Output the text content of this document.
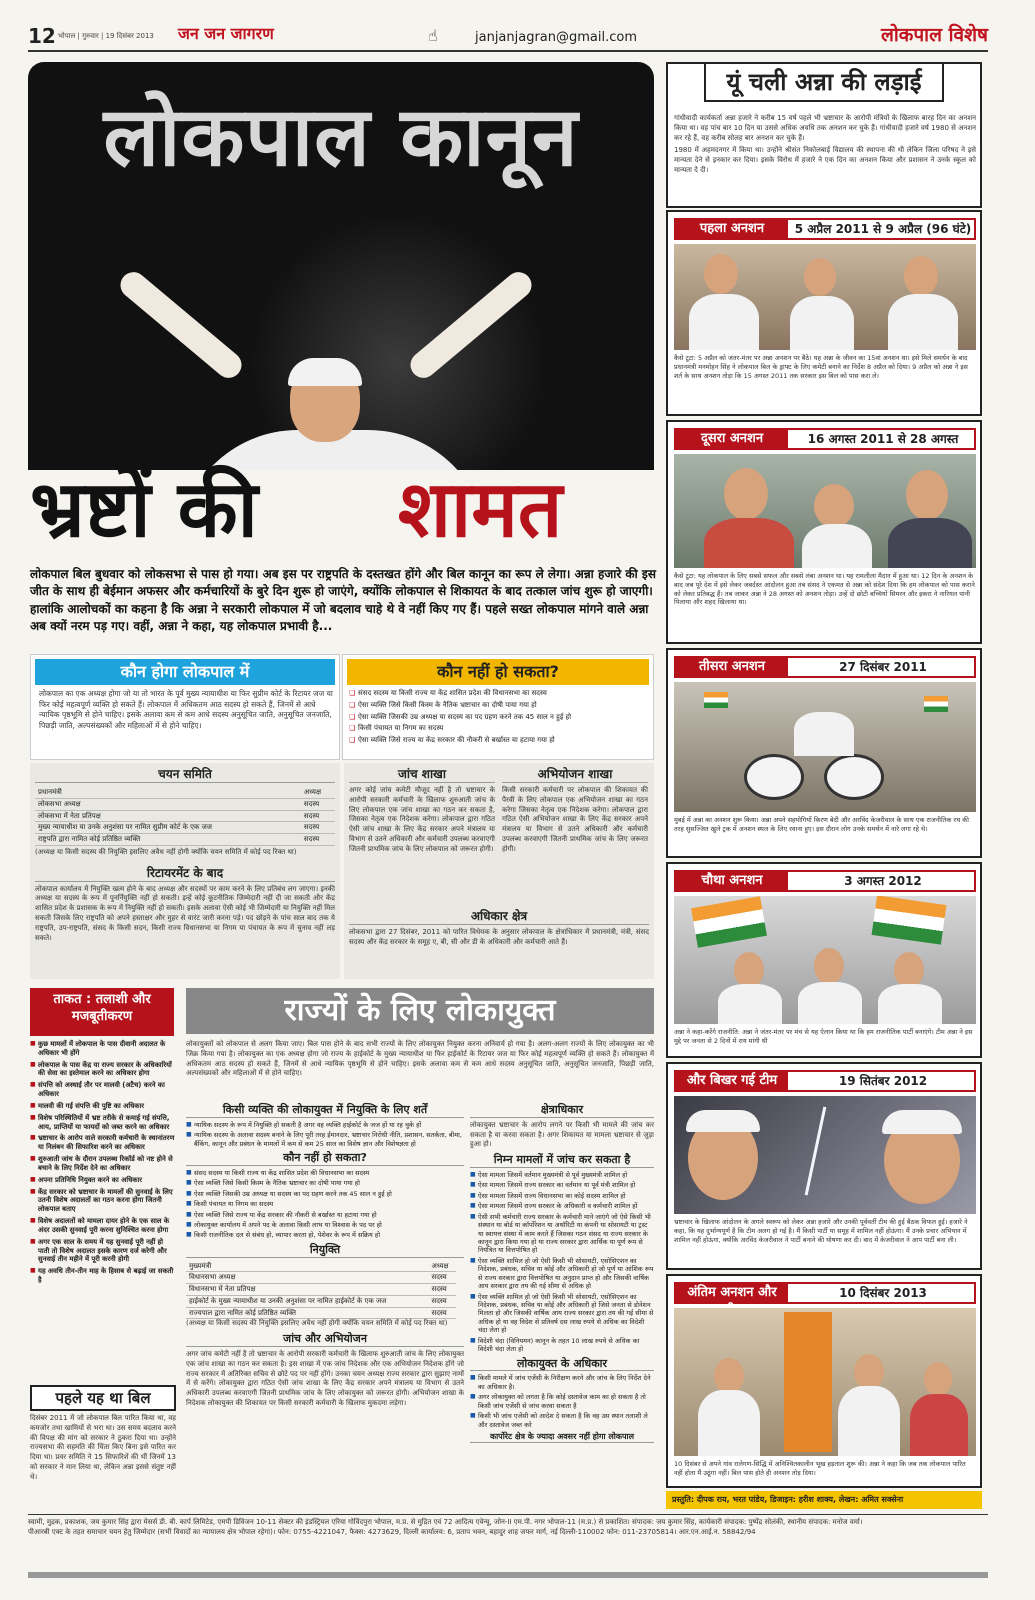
12 भोपाल | गुरुवार | 19 दिसंबर 2013 जन जन जागरण	☝	janjanjagran@gmail.com	लोकपाल विशेष
लोकपाल कानून
भ्रष्टों की शामत
लोकपाल बिल बुधवार को लोकसभा से पास हो गया। अब इस पर राष्ट्रपति के दस्तखत होंगे और बिल कानून का रूप ले लेगा। अन्ना हजारे की इस जीत के साथ ही बेईमान अफसर और कर्मचारियों के बुरे दिन शुरू हो जाएंगे, क्योंकि लोकपाल से शिकायत के बाद तत्काल जांच शुरू हो जाएगी। हालांकि आलोचकों का कहना है कि अन्ना ने सरकारी लोकपाल में जो बदलाव चाहे थे वे नहीं किए गए हैं। पहले सख्त लोकपाल मांगने वाले अन्ना अब क्यों नरम पड़ गए। वहीं, अन्ना ने कहा, यह लोकपाल प्रभावी है...
कौन होगा लोकपाल में
लोकपाल का एक अध्यक्ष होगा जो या तो भारत के पूर्व मुख्य न्यायाधीश या फिर सुप्रीम कोर्ट के रिटायर जज या फिर कोई महत्वपूर्ण व्यक्ति हो सकते हैं। लोकपाल में अधिकतम आठ सदस्य हो सकते हैं, जिनमें से आधे न्यायिक पृष्ठभूमि से होने चाहिए। इसके अलावा कम से कम आधे सदस्य अनुसूचित जाति, अनुसूचित जनजाति, पिछड़ी जाति, अल्पसंख्यकों और महिलाओं में से होने चाहिए।
कौन नहीं हो सकता?
❑ संसद सदस्य या किसी राज्य या केंद्र शासित प्रदेश की विधानसभा का सदस्य
❑ ऐसा व्यक्ति जिसे किसी किस्म के नैतिक भ्रष्टाचार का दोषी पाया गया हो
❑ ऐसा व्यक्ति जिसकी उम्र अध्यक्ष या सदस्य का पद ग्रहण करने तक 45 साल न हुई हो
❑ किसी पंचायत या निगम का सदस्य
❑ ऐसा व्यक्ति जिसे राज्य या केंद्र सरकार की नौकरी से बर्खास्त या हटाया गया हो
चयन समिति
प्रधानमंत्री	अध्यक्ष
लोकसभा अध्यक्ष	सदस्य
लोकसभा में नेता प्रतिपक्ष	सदस्य
मुख्य न्यायाधीश या उनके अनुशंसा पर नामित सुप्रीम कोर्ट के एक जज	सदस्य
राष्ट्रपति द्वारा नामित कोई प्रतिष्ठित व्यक्ति	सदस्य
(अध्यक्ष या किसी सदस्य की नियुक्ति इसलिए अवैध नहीं होगी क्योंकि चयन समिति में कोई पद रिक्त था)
रिटायरमेंट के बाद
लोकपाल कार्यालय में नियुक्ति खत्म होने के बाद अध्यक्ष और सदस्यों पर काम करने के लिए प्रतिबंध लग जाएगा। इनकी अध्यक्ष या सदस्य के रूप में पुनर्नियुक्ति नहीं हो सकती। इन्हें कोई कूटनीतिक जिम्मेदारी नहीं दी जा सकती और केंद्र शासित प्रदेश के प्रशासक के रूप में नियुक्ति नहीं हो सकती। इसके अलावा ऐसी कोई भी जिम्मेदारी या नियुक्ति नहीं मिल सकती जिसके लिए राष्ट्रपति को अपने हस्ताक्षर और मुहर से वारंट जारी करना पड़े। पद छोड़ने के पांच साल बाद तक ये राष्ट्रपति, उप-राष्ट्रपति, संसद के किसी सदन, किसी राज्य विधानसभा या निगम या पंचायत के रूप में चुनाव नहीं लड़ सकते।
जांच शाखा
अगर कोई जांच कमेटी मौजूद नहीं है तो भ्रष्टाचार के आरोपी सरकारी कर्मचारी के खिलाफ शुरुआती जांच के लिए लोकपाल एक जांच शाखा का गठन कर सकता है, जिसका नेतृत्व एक निदेशक करेगा। लोकपाल द्वारा गठित ऐसी जांच शाखा के लिए केंद्र सरकार अपने मंत्रालय या विभाग से उतने अधिकारी और कर्मचारी उपलब्ध करवाएगी जितनी प्राथमिक जांच के लिए लोकपाल को जरूरत होगी।
अभियोजन शाखा
किसी सरकारी कर्मचारी पर लोकपाल की शिकायत की पैरवी के लिए लोकपाल एक अभियोजन शाखा का गठन करेगा जिसका नेतृत्व एक निदेशक करेगा। लोकपाल द्वारा गठित ऐसी अभियोजन शाखा के लिए केंद्र सरकार अपने मंत्रालय या विभाग से उतने अधिकारी और कर्मचारी उपलब्ध करवाएगी जितनी प्राथमिक जांच के लिए जरूरत होगी।
अधिकार क्षेत्र
लोकसभा द्वारा 27 दिसंबर, 2011 को पारित विधेयक के अनुसार लोकपाल के क्षेत्राधिकार में प्रधानमंत्री, मंत्री, संसद सदस्य और केंद्र सरकार के समूह ए, बी, सी और डी के अधिकारी और कर्मचारी आते हैं।
ताकत : तलाशी और मजबूतीकरण
■ कुछ मामलों में लोकपाल के पास दीवानी अदालत के अधिकार भी होंगे
■ लोकपाल के पास केंद्र या राज्य सरकार के अधिकारियों की सेवा का इस्तेमाल करने का अधिकार होगा
■ संपत्ति को अस्थाई तौर पर मालवी (अटैच) करने का अधिकार
■ मालवी की गई संपत्ति की पुष्टि का अधिकार
■ विशेष परिस्थितियों में भ्रष्ट तरीके से कमाई गई संपत्ति, आय, प्राप्तियों या फायदों को जब्त करने का अधिकार
■ भ्रष्टाचार के आरोप वाले सरकारी कर्मचारी के स्थानांतरण या निलंबन की सिफारिश करने का अधिकार
■ शुरुआती जांच के दौरान उपलब्ध रिकॉर्ड को नष्ट होने से बचाने के लिए निर्देश देने का अधिकार
■ अपना प्रतिनिधि नियुक्त करने का अधिकार
■ केंद्र सरकार को भ्रष्टाचार के मामलों की सुनवाई के लिए उतनी विशेष अदालतों का गठन करना होगा जितनी लोकपाल बताए
■ विशेष अदालतों को मामला दायर होने के एक साल के अंदर उसकी सुनवाई पूरी करना सुनिश्चित करना होगा
■ अगर एक साल के समय में यह सुनवाई पूरी नहीं हो पाती तो विशेष अदालत इसके कारण दर्ज करेगी और सुनवाई तीन महीने में पूरी करनी होगी
■ यह अवधि तीन-तीन माह के हिसाब से बढ़ाई जा सकती है
पहले यह था बिल
दिसंबर 2011 में जो लोकपाल बिल पारित किया था, वह कमजोर तथा खामियों से भरा था। उस समय बदलाव करने की विपक्ष की मांग को सरकार ने ठुकरा दिया था। उन्होंने राज्यसभा की सहमति की चिंता किए बिना इसे पारित कर दिया था। प्रवर समिति ने 15 सिफारिशें की थीं जिनमें 13 को सरकार ने मान लिया था, लेकिन अन्ना इससे संतुष्ट नहीं थे।
राज्यों के लिए लोकायुक्त
लोकायुक्तों को लोकपाल से अलग किया जाए। बिल पास होने के बाद सभी राज्यों के लिए लोकायुक्त नियुक्त करना अनिवार्य हो गया है। अलग-अलग राज्यों के लिए लोकायुक्त का भी जिक्र किया गया है। लोकायुक्त का एक अध्यक्ष होगा जो राज्य के हाईकोर्ट के मुख्य न्यायाधीश या फिर हाईकोर्ट के रिटायर जज या फिर कोई महत्वपूर्ण व्यक्ति हो सकते हैं। लोकायुक्त में अधिकतम आठ सदस्य हो सकते हैं, जिनमें से आधे न्यायिक पृष्ठभूमि से होने चाहिए। इसके अलावा कम से कम आधे सदस्य अनुसूचित जाति, अनुसूचित जनजाति, पिछड़ी जाति, अल्पसंख्यकों और महिलाओं में से होने चाहिए।
किसी व्यक्ति की लोकायुक्त में नियुक्ति के लिए शर्तें
■ न्यायिक सदस्य के रूप में नियुक्ति हो सकती है अगर वह व्यक्ति हाईकोर्ट के जज हों या रह चुके हों
■ न्यायिक सदस्य के अलावा सदस्य बनाने के लिए पूरी तरह ईमानदार, भ्रष्टाचार निरोधी नीति, प्रशासन, सतर्कता, बीमा, बैंकिंग, कानून और प्रबंधन के मामलों में कम से कम 25 साल का विशेष ज्ञान और विशेषज्ञता हो
कौन नहीं हो सकता?
■ संसद सदस्य या किसी राज्य या केंद्र शासित प्रदेश की विधानसभा का सदस्य
■ ऐसा व्यक्ति जिसे किसी किस्म के नैतिक भ्रष्टाचार का दोषी पाया गया हो
■ ऐसा व्यक्ति जिसकी उम्र अध्यक्ष या सदस्य का पद ग्रहण करने तक 45 साल न हुई हो
■ किसी पंचायत या निगम का सदस्य
■ ऐसा व्यक्ति जिसे राज्य या केंद्र सरकार की नौकरी से बर्खास्त या हटाया गया हो
■ लोकायुक्त कार्यालय में अपने पद के अलावा किसी लाभ या विश्वास के पद पर हो
■ किसी राजनीतिक दल से संबंध हो, व्यापार करता हो, पेशेवर के रूप में सक्रिय हो
नियुक्ति
मुख्यमंत्री	अध्यक्ष
विधानसभा अध्यक्ष	सदस्य
विधानसभा में नेता प्रतिपक्ष	सदस्य
हाईकोर्ट के मुख्य न्यायाधीश या उनकी अनुशंसा पर नामित हाईकोर्ट के एक जज	सदस्य
राज्यपाल द्वारा नामित कोई प्रतिष्ठित व्यक्ति	सदस्य
(अध्यक्ष या किसी सदस्य की नियुक्ति इसलिए अवैध नहीं होगी क्योंकि चयन समिति में कोई पद रिक्त था)
जांच और अभियोजन
अगर जांच कमेटी नहीं है तो भ्रष्टाचार के आरोपी सरकारी कर्मचारी के खिलाफ शुरुआती जांच के लिए लोकायुक्त एक जांच शाखा का गठन कर सकता है। इस शाखा में एक जांच निदेशक और एक अभियोजन निदेशक होंगे जो राज्य सरकार में अतिरिक्त सचिव से छोटे पद पर नहीं होंगे। उनका चयन अध्यक्ष राज्य सरकार द्वारा सुझाए नामों में से करेंगे। लोकायुक्त द्वारा गठित ऐसी जांच शाखा के लिए केंद्र सरकार अपने मंत्रालय या विभाग से उतने अधिकारी उपलब्ध करवाएगी जितनी प्राथमिक जांच के लिए लोकायुक्त को जरूरत होगी। अभियोजन शाखा के निदेशक लोकायुक्त की शिकायत पर किसी सरकारी कर्मचारी के खिलाफ मुकदमा लड़ेगा।
क्षेत्राधिकार
लोकायुक्त भ्रष्टाचार के आरोप लगने पर किसी भी मामले की जांच कर सकता है या करवा सकता है। अगर शिकायत या मामला भ्रष्टाचार से जुड़ा हुआ हो।
निम्न मामलों में जांच कर सकता है
■ ऐसा मामला जिसमें वर्तमान मुख्यमंत्री से पूर्व मुख्यमंत्री शामिल हो
■ ऐसा मामला जिसमें राज्य सरकार का वर्तमान या पूर्व मंत्री शामिल हो
■ ऐसा मामला जिसमें राज्य विधानसभा का कोई सदस्य शामिल हो
■ ऐसा मामला जिसमें राज्य सरकार के अधिकारी व कर्मचारी शामिल हों
■ ऐसी सभी कर्मचारी राज्य सरकार के कर्मचारी माने जाएंगे जो ऐसे किसी भी संस्थान या बोर्ड या कॉर्पोरेशन या अथॉरिटी या कंपनी या सोसायटी या ट्रस्ट या स्वायत्त संस्था में काम करते हैं जिसका गठन संसद या राज्य सरकार के कानून द्वारा किया गया हो या राज्य सरकार द्वारा आर्थिक या पूर्ण रूप से नियंत्रित या वित्तपोषित हो
■ ऐसा व्यक्ति शामिल हो जो ऐसी किसी भी सोसायटी, एसोसिएशन का निदेशक, प्रबंधक, सचिव या कोई और अधिकारी हो जो पूर्ण या आंशिक रूप से राज्य सरकार द्वारा वित्तपोषित या अनुदान प्राप्त हो और जिसकी वार्षिक आय सरकार द्वारा तय की गई सीमा से अधिक हो
■ ऐसा व्यक्ति शामिल हो जो ऐसी किसी भी सोसायटी, एसोसिएशन का निदेशक, प्रबंधक, सचिव या कोई और अधिकारी हो जिसे जनता से डोनेशन मिलता हो और जिसकी वार्षिक आय राज्य सरकार द्वारा तय की गई सीमा से अधिक हो या वह विदेश से प्रतिवर्ष दस लाख रुपये से अधिक का विदेशी चंदा लेता हो
■ विदेशी चंदा (विनियमन) कानून के तहत 10 लाख रुपये से अधिक का विदेशी चंदा लेता हो
लोकायुक्त के अधिकार
■ किसी मामले में जांच एजेंसी के निरीक्षण करने और जांच के लिए निर्देश देने का अधिकार है।
■ अगर लोकायुक्त को लगता है कि कोई दस्तावेज काम का हो सकता है तो किसी जांच एजेंसी से जांच करवा सकता है
■ किसी भी जांच एजेंसी को आदेश दे सकता है कि वह उस स्थान तलाशी ले और दस्तावेज जब्त करे
कार्पोरेट क्षेत्र के ज्यादा अवसर नहीं होगा लोकपाल
यूं चली अन्ना की लड़ाई
गांधीवादी कार्यकर्ता अन्ना हजारे ने करीब 15 वर्ष पहले भी भ्रष्टाचार के आरोपी मंत्रियों के खिलाफ बारह दिन का अनशन किया था। वह पांच बार 10 दिन या उससे अधिक अवधि तक अनशन कर चुके हैं। गांधीवादी हजारे वर्ष 1980 से अनशन कर रहे हैं, वह करीब सोलह बार अनशन कर चुके हैं।
1980 में अहमदनगर में किया था। उन्होंने श्रीसंत निकोलबाई विद्यालय की स्थापना की थी लेकिन जिला परिषद ने इसे मान्यता देने से इनकार कर दिया। इसके विरोध में हजारे ने एक दिन का अनशन किया और प्रशासन ने उनके स्कूल को मान्यता दे दी।
पहला अनशन	5 अप्रैल 2011 से 9 अप्रैल (96 घंटे)
कैसे टूटा: 5 अप्रैल को जंतर-मंतर पर अन्ना अनशन पर बैठे। यह अन्ना के जीवन का 15वां अनशन था। इसे मिले समर्थन के बाद प्रधानमंत्री मनमोहन सिंह ने लोकपाल बिल के ड्राफ्ट के लिए कमेटी बनाने का निर्देश 8 अप्रैल को दिया। 9 अप्रैल को अन्ना ने इस शर्त के साथ अनशन तोड़ा कि 15 अगस्त 2011 तक सरकार इस बिल को पास करा ले।
दूसरा अनशन	16 अगस्त 2011 से 28 अगस्त
कैसे टूटा: यह लोकपाल के लिए सबसे सफल और सबसे लंबा अनशन था। यह रामलीला मैदान में हुआ था। 12 दिन के अनशन के बाद जब पूरे देश में इसे लेकर जबर्दस्त आंदोलन हुआ तब संसद ने एकमत से अन्ना को संदेश दिया कि हम लोकपाल को पास कराने को लेकर प्रतिबद्ध हैं। तब जाकर अन्ना ने 28 अगस्त को अनशन तोड़ा। उन्हें दो छोटी बच्चियों सिमरन और इकरा ने नारियल पानी पिलाया और शहद खिलाया था।
तीसरा अनशन	27 दिसंबर 2011
मुंबई में अन्ना का अनशन शुरू किया। अन्ना अपने सहयोगियों किरण बेदी और अरविंद केजरीवाल के साथ एक राजनीतिक रथ की तरह सुसज्जित खुले ट्रक में अनशन स्थल के लिए रवाना हुए। इस दौरान लोग उनके समर्थन में नारे लगा रहे थे।
चौथा अनशन	3 अगस्त 2012
अन्ना ने कहा-करेंगे राजनीति: अन्ना ने जंतर-मंतर पर मंच से यह ऐलान किया था कि हम राजनीतिक पार्टी बनाएंगे। टीम अन्ना ने इस मुद्दे पर जनता से 2 दिनों में राय मांगी थी
और बिखर गई टीम	19 सितंबर 2012
भ्रष्टाचार के खिलाफ आंदोलन के अगले स्वरूप को लेकर अन्ना हजारे और उनकी पूर्ववर्ती टीम की हुई बैठक विफल हुई। हजारे ने कहा, कि यह दुर्भाग्यपूर्ण है कि टीम अलग हो गई है। मैं किसी पार्टी या समूह में शामिल नहीं होऊंगा। मैं उनके प्रचार अभियान में शामिल नहीं होऊंगा, क्योंकि अरविंद केजरीवाल ने पार्टी बनाने की घोषणा कर दी। बाद में केजरीवाल ने आप पार्टी बना ली।
अंतिम अनशन और	10 दिसंबर 2013
10 दिसंबर से अपने गांव रालेगण-सिद्धि में अनिश्चितकालीन भूख हड़ताल शुरू की। अन्ना ने कहा कि जब तक लोकपाल पारित नहीं होता मैं उठूंगा नहीं। बिल पास होते ही अनशन तोड़ दिया।
प्रस्तुति: दीपक राय, भरत पांडेय, डिजाइन: हरीश शाक्य, लेखन: अमित सक्सेना
स्वामी, मुद्रक, प्रकाशक, जय कुमार सिंह द्वारा मेसर्स डी. बी. कार्प लिमिटेड, एमपी डिविजन 10-11 सेक्टर की इंडस्ट्रियल एरिया गोविंदपुरा भोपाल, म.प्र. से मुद्रित एवं 72 आदित्य एवेन्यू, जोन-II एम.पी. नगर भोपाल-11 (म.प्र.) से प्रकाशित। संपादक: जय कुमार सिंह, कार्यकारी संपादक: पुष्पेंद्र सोलंकी, स्थानीय संपादक: मनोज वर्मा।
पीआरबी एक्ट के तहत समाचार चयन हेतु जिम्मेदार (सभी विवादों का न्यायालय क्षेत्र भोपाल रहेगा)। फोन: 0755-4221047, फैक्स: 4273629, दिल्ली कार्यालय: 6, प्रताप भवन, बहादुर शाह जफर मार्ग, नई दिल्ली-110002 फोन: 011-23705814। आर.एन.आई.न. 58842/94
